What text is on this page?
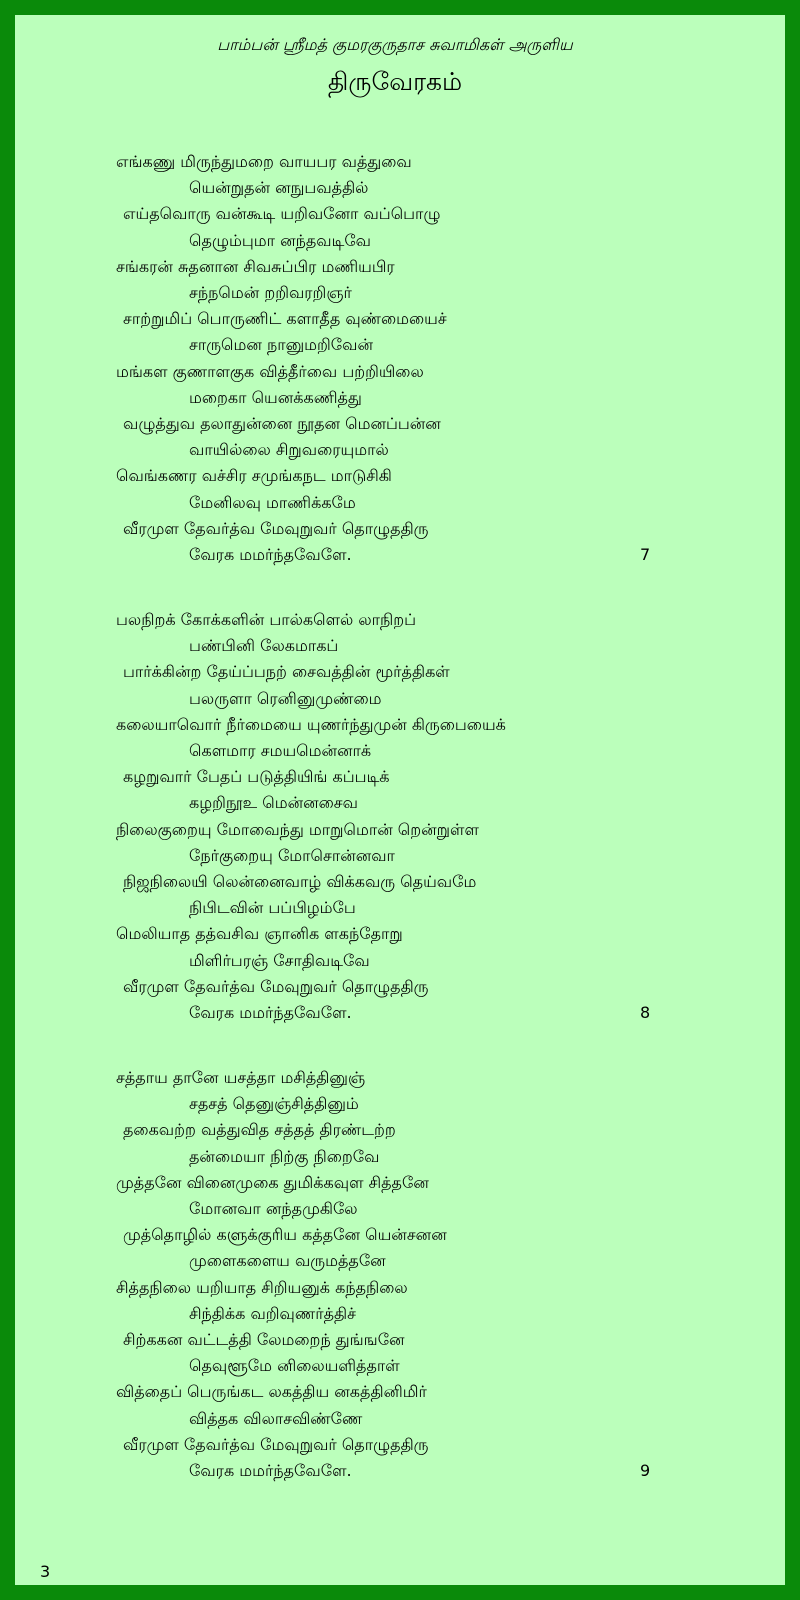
பாம்பன் ஸ்ரீமத் குமரகுருதாச சுவாமிகள் அருளிய
திருவேரகம்
எங்கணு மிருந்துமறை வாயபர வத்துவை
யென்றுதன் னநுபவத்தில்
எய்தவொரு வன்கூடி யறிவனோ வப்பொழு
தெழும்புமா னந்தவடிவே
சங்கரன் சுதனான சிவசுப்பிர மணியபிர
சந்நமென் றறிவரறிஞர்
சாற்றுமிப் பொருணிட் களாதீத வுண்மையைச்
சாருமென நானுமறிவேன்
மங்கள குணாளகுக வித்தீர்வை பற்றியிலை
மறைகா யெனக்கணித்து
வழுத்துவ தலாதுன்னை நூதன மெனப்பன்ன
வாயில்லை சிறுவரையுமால்
வெங்கணர வச்சிர சமுங்கநட மாடுசிகி
மேனிலவு மாணிக்கமே
வீரமுள தேவர்த்வ மேவுறுவர் தொழுததிரு
வேரக மமர்ந்தவேளே.	7
பலநிறக் கோக்களின் பால்களெல் லாநிறப்
பண்பினி லேகமாகப்
பார்க்கின்ற தேய்ப்பநற் சைவத்தின் மூர்த்திகள்
பலருளா ரெனினுமுண்மை
கலையாவொர் நீர்மையை யுணர்ந்துமுன் கிருபையைக்
கௌமார சமயமென்னாக்
கழறுவார் பேதப் படுத்தியிங் கப்படிக்
கழறிநூஉ மென்னசைவ
நிலைகுறையு மோவைந்து மாறுமொன் றென்றுள்ள
நேர்குறையு மோசொன்னவா
நிஜநிலையி லென்னைவாழ் விக்கவரு தெய்வமே
நிபிடவின் பப்பிழம்பே
மெலியாத தத்வசிவ ஞானிக ளகந்தோறு
மிளிர்பரஞ் சோதிவடிவே
வீரமுள தேவர்த்வ மேவுறுவர் தொழுததிரு
வேரக மமர்ந்தவேளே.	8
சத்தாய தானே யசத்தா மசித்தினுஞ்
சதசத் தெனுஞ்சித்தினும்
தகைவற்ற வத்துவித சத்தத் திரண்டற்ற
தன்மையா நிற்கு நிறைவே
முத்தனே வினைமுகை துமிக்கவுள சித்தனே
மோனவா னந்தமுகிலே
முத்தொழில் களுக்குரிய கத்தனே யென்சனன
முளைகளைய வருமத்தனே
சித்தநிலை யறியாத சிறியனுக் கந்தநிலை
சிந்திக்க வறிவுணர்த்திச்
சிற்ககன வட்டத்தி லேமறைந் துங்ஙனே
தெவுளூமே னிலையளித்தாள்
வித்தைப் பெருங்கட லகத்திய னகத்தினிமிர்
வித்தக விலாசவிண்ணே
வீரமுள தேவர்த்வ மேவுறுவர் தொழுததிரு
வேரக மமர்ந்தவேளே.	9
3
